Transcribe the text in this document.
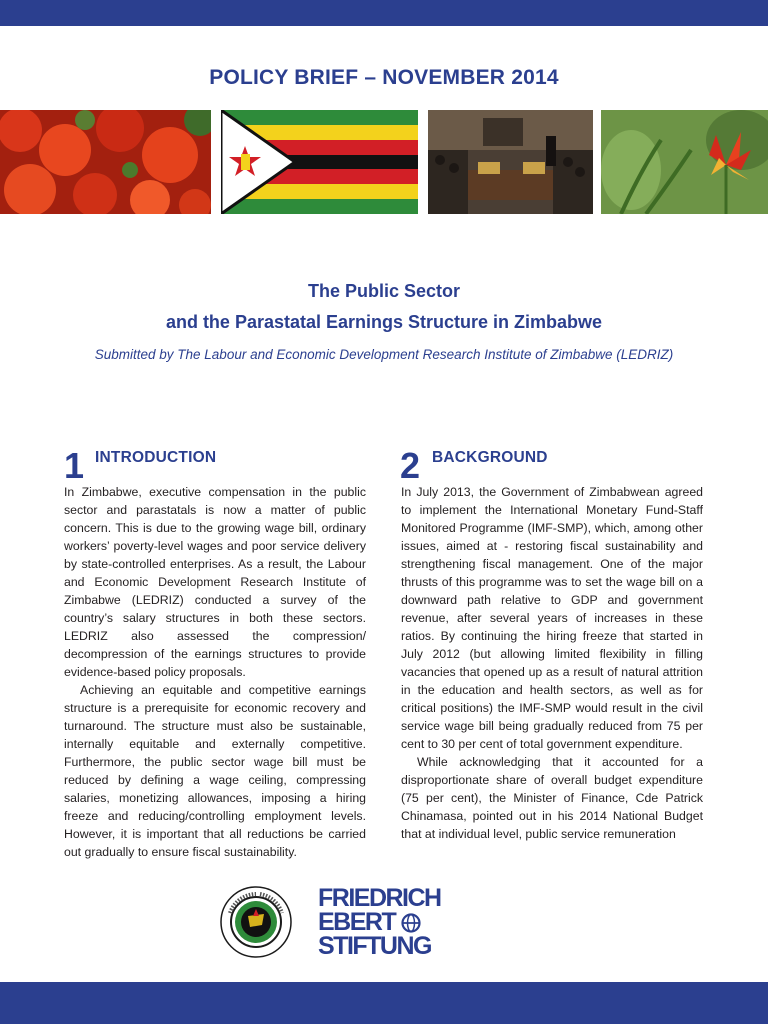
POLICY BRIEF – NOVEMBER 2014
The Public Sector
and the Parastatal Earnings Structure in Zimbabwe
Submitted by The Labour and Economic Development Research Institute of Zimbabwe (LEDRIZ)
1 INTRODUCTION

In Zimbabwe, executive compensation in the public sector and parastatals is now a matter of public concern. This is due to the growing wage bill, ordinary workers’ poverty-level wages and poor service delivery by state-controlled enterprises. As a result, the Labour and Economic Development Research Institute of Zimbabwe (LEDRIZ) conducted a survey of the country’s salary structures in both these sectors. LEDRIZ also assessed the compression/ decompression of the earnings structures to provide evidence-based policy proposals.

Achieving an equitable and competitive earnings structure is a prerequisite for economic recovery and turnaround. The structure must also be sustainable, internally equitable and externally competitive. Furthermore, the public sector wage bill must be reduced by defining a wage ceiling, compressing salaries, monetizing allowances, imposing a hiring freeze and reducing/controlling employment levels. However, it is important that all reductions be carried out gradually to ensure fiscal sustainability.

2 BACKGROUND

In July 2013, the Government of Zimbabwean agreed to implement the International Monetary Fund-Staff Monitored Programme (IMF-SMP), which, among other issues, aimed at - restoring fiscal sustainability and strengthening fiscal management. One of the major thrusts of this programme was to set the wage bill on a downward path relative to GDP and government revenue, after several years of increases in these ratios. By continuing the hiring freeze that started in July 2012 (but allowing limited flexibility in filling vacancies that opened up as a result of natural attrition in the education and health sectors, as well as for critical positions) the IMF-SMP would result in the civil service wage bill being gradually reduced from 75 per cent to 30 per cent of total government expenditure.

While acknowledging that it accounted for a disproportionate share of overall budget expenditure (75 per cent), the Minister of Finance, Cde Patrick Chinamasa, pointed out in his 2014 National Budget that at individual level, public service remuneration

FRIEDRICH
EBERT
STIFTUNG
